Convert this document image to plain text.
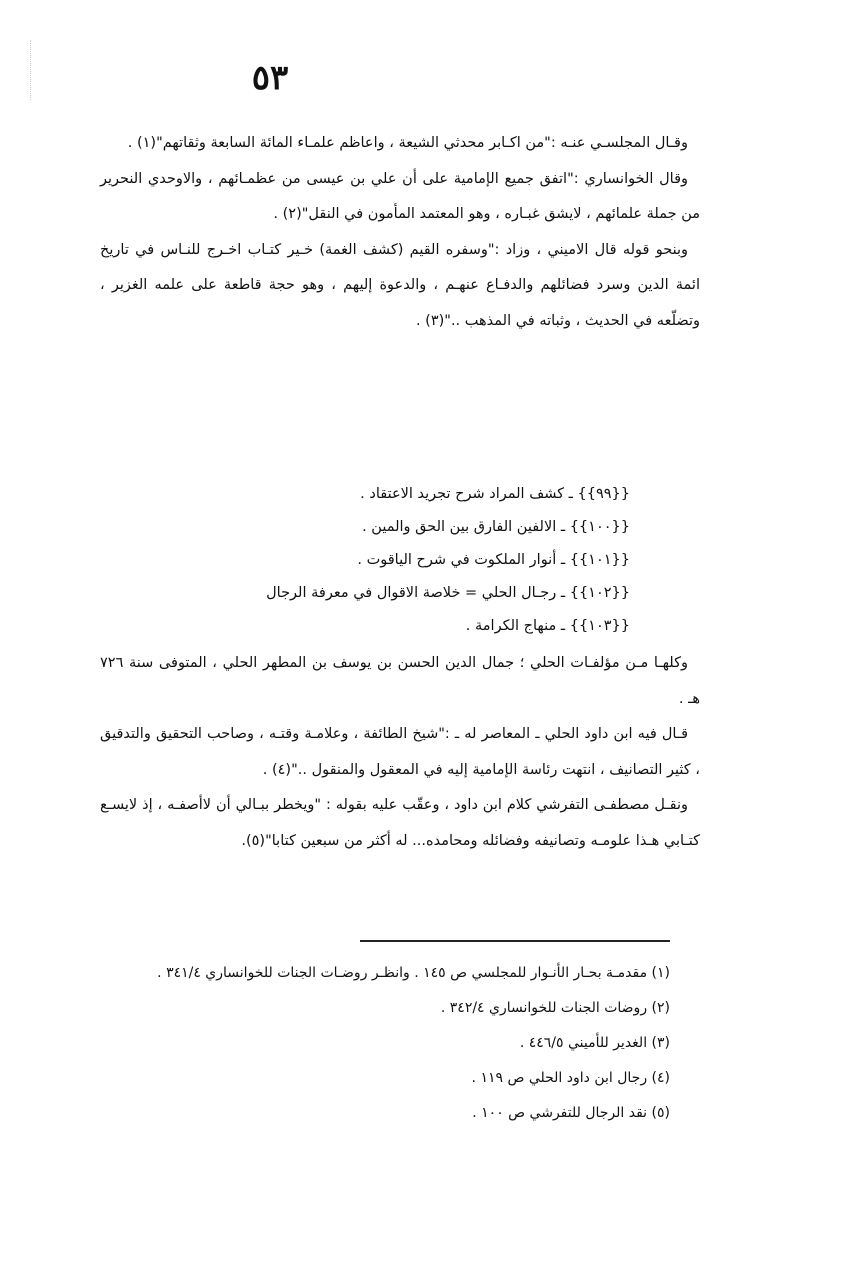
٥٣

وقـال المجلسـي عنـه :"من اكـابر محدثي الشيعة ، واعاظم علمـاء المائة السابعة وثقاتهم"(١) .

وقال الخوانساري :"اتفق جميع الإمامية على أن علي بن عيسى من عظمـائهم ، والاوحدي النحرير من جملة علمائهم ، لايشق غبـاره ، وهو المعتمد المأمون في النقل"(٢) .

وبنحو قوله قال الاميني ، وزاد :"وسفره القيم (كشف الغمة) خـير كتـاب اخـرج للنـاس في تاريخ ائمة الدين وسرد فضائلهم والدفـاع عنهـم ، والدعوة إليهم ، وهو حجة قاطعة على علمه الغزير ، وتضلّعه في الحديث ، وثباته في المذهب .."(٣) .

{{٩٩}} ـ كشف المراد شرح تجريد الاعتقاد .

{{١٠٠}} ـ الالفين الفارق بين الحق والمين .

{{١٠١}} ـ أنوار الملكوت في شرح الياقوت .

{{١٠٢}} ـ رجـال الحلي = خلاصة الاقوال في معرفة الرجال

{{١٠٣}} ـ منهاج الكرامة .

وكلهـا مـن مؤلفـات الحلي ؛ جمال الدين الحسن بن يوسف بن المطهر الحلي ، المتوفى سنة ٧٢٦ هـ .

قـال فيه ابن داود الحلي ـ المعاصر له ـ :"شيخ الطائفة ، وعلامـة وقتـه ، وصاحب التحقيق والتدقيق ، كثير التصانيف ، انتهت رئاسة الإمامية إليه في المعقول والمنقول .."(٤) .

ونقـل مصطفـى التفرشي كلام ابن داود ، وعقّب عليه بقوله : "ويخطر ببـالي أن لاأصفـه ، إذ لايسـع كتـابي هـذا علومـه وتصانيفه وفضائله ومحامده... له أكثر من سبعين كتابا"(٥).

(١) مقدمـة بحـار الأنـوار للمجلسي ص ١٤٥ . وانظـر روضـات الجنات للخوانساري ٣٤١/٤ .

(٢) روضات الجنات للخوانساري ٣٤٢/٤ .

(٣) الغدير للأميني ٤٤٦/٥ .

(٤) رجال ابن داود الحلي ص ١١٩ .

(٥) نقد الرجال للتفرشي ص ١٠٠ .
